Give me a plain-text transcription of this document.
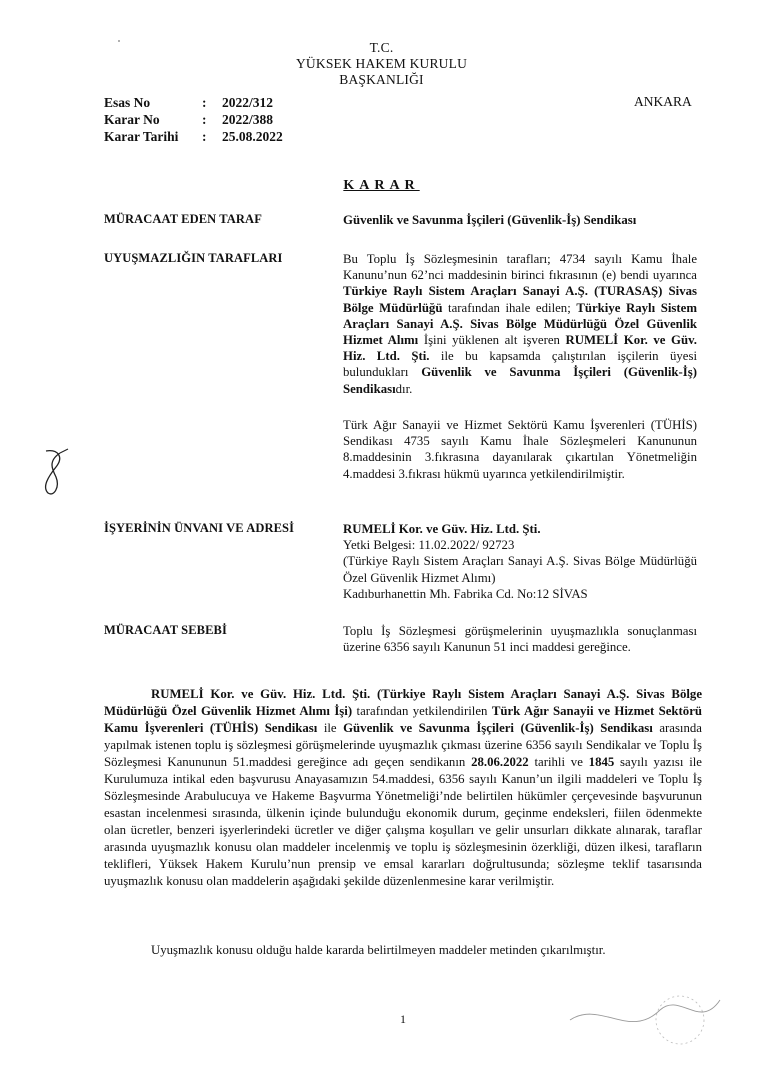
T.C.
YÜKSEK HAKEM KURULU
BAŞKANLIĞI
Esas No	:	2022/312
Karar No	:	2022/388
Karar Tarihi	:	25.08.2022
ANKARA
KARAR
MÜRACAAT EDEN TARAF	Güvenlik ve Savunma İşçileri (Güvenlik-İş) Sendikası
UYUŞMAZLIĞIN TARAFLARI	Bu Toplu İş Sözleşmesinin tarafları; 4734 sayılı Kamu İhale Kanunu’nun 62’nci maddesinin birinci fıkrasının (e) bendi uyarınca Türkiye Raylı Sistem Araçları Sanayi A.Ş. (TURASAŞ) Sivas Bölge Müdürlüğü tarafından ihale edilen; Türkiye Raylı Sistem Araçları Sanayi A.Ş. Sivas Bölge Müdürlüğü Özel Güvenlik Hizmet Alımı İşini yüklenen alt işveren RUMELİ Kor. ve Güv. Hiz. Ltd. Şti. ile bu kapsamda çalıştırılan işçilerin üyesi bulundukları Güvenlik ve Savunma İşçileri (Güvenlik-İş) Sendikasıdır.
Türk Ağır Sanayii ve Hizmet Sektörü Kamu İşverenleri (TÜHİS) Sendikası 4735 sayılı Kamu İhale Sözleşmeleri Kanununun 8.maddesinin 3.fıkrasına dayanılarak çıkartılan Yönetmeliğin 4.maddesi 3.fıkrası hükmü uyarınca yetkilendirilmiştir.
İŞYERİNİN ÜNVANI VE ADRESİ	RUMELİ Kor. ve Güv. Hiz. Ltd. Şti.
Yetki Belgesi: 11.02.2022/ 92723
(Türkiye Raylı Sistem Araçları Sanayi A.Ş. Sivas Bölge Müdürlüğü Özel Güvenlik Hizmet Alımı)
Kadıburhanettin Mh. Fabrika Cd. No:12 SİVAS
MÜRACAAT SEBEBİ	Toplu İş Sözleşmesi görüşmelerinin uyuşmazlıkla sonuçlanması üzerine 6356 sayılı Kanunun 51 inci maddesi gereğince.
RUMELİ Kor. ve Güv. Hiz. Ltd. Şti. (Türkiye Raylı Sistem Araçları Sanayi A.Ş. Sivas Bölge Müdürlüğü Özel Güvenlik Hizmet Alımı İşi) tarafından yetkilendirilen Türk Ağır Sanayii ve Hizmet Sektörü Kamu İşverenleri (TÜHİS) Sendikası ile Güvenlik ve Savunma İşçileri (Güvenlik-İş) Sendikası arasında yapılmak istenen toplu iş sözleşmesi görüşmelerinde uyuşmazlık çıkması üzerine 6356 sayılı Sendikalar ve Toplu İş Sözleşmesi Kanununun 51.maddesi gereğince adı geçen sendikanın 28.06.2022 tarihli ve 1845 sayılı yazısı ile Kurulumuza intikal eden başvurusu Anayasamızın 54.maddesi, 6356 sayılı Kanun’un ilgili maddeleri ve Toplu İş Sözleşmesinde Arabulucuya ve Hakeme Başvurma Yönetmeliği’nde belirtilen hükümler çerçevesinde başvurunun esastan incelenmesi sırasında, ülkenin içinde bulunduğu ekonomik durum, geçinme endeksleri, fiilen ödenmekte olan ücretler, benzeri işyerlerindeki ücretler ve diğer çalışma koşulları ve gelir unsurları dikkate alınarak, taraflar arasında uyuşmazlık konusu olan maddeler incelenmiş ve toplu iş sözleşmesinin özerkliği, düzen ilkesi, tarafların teklifleri, Yüksek Hakem Kurulu’nun prensip ve emsal kararları doğrultusunda; sözleşme teklif tasarısında uyuşmazlık konusu olan maddelerin aşağıdaki şekilde düzenlenmesine karar verilmiştir.
Uyuşmazlık konusu olduğu halde kararda belirtilmeyen maddeler metinden çıkarılmıştır.
1
